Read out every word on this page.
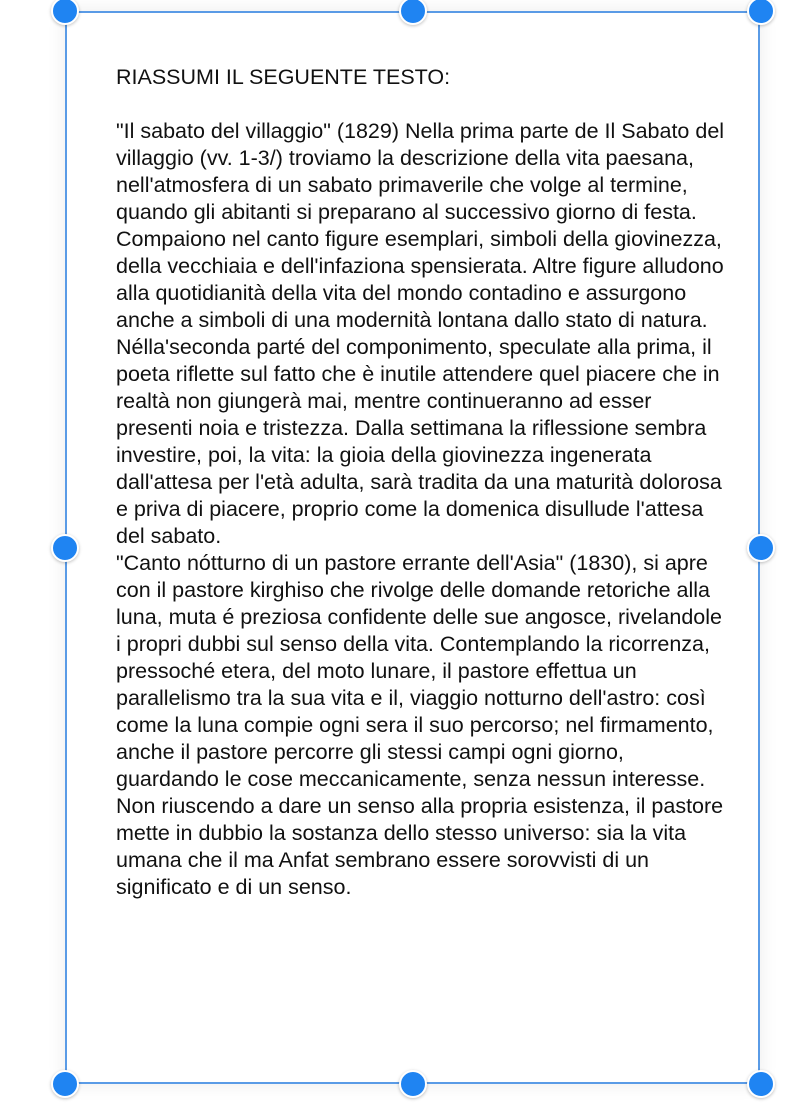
RIASSUMI IL SEGUENTE TESTO:

"Il sabato del villaggio" (1829) Nella prima parte de Il Sabato del villaggio (vv. 1-3/) troviamo la descrizione della vita paesana, nell'atmosfera di un sabato primaverile che volge al termine, quando gli abitanti si preparano al successivo giorno di festa. Compaiono nel canto figure esemplari, simboli della giovinezza, della vecchiaia e dell'infaziona spensierata. Altre figure alludono alla quotidianità della vita del mondo contadino e assurgono anche a simboli di una modernità lontana dallo stato di natura. Nélla'seconda parté del componimento, speculate alla prima, il poeta riflette sul fatto che è inutile attendere quel piacere che in realtà non giungerà mai, mentre continueranno ad esser presenti noia e tristezza. Dalla settimana la riflessione sembra investire, poi, la vita: la gioia della giovinezza ingenerata dall'attesa per l'età adulta, sarà tradita da una maturità dolorosa e priva di piacere, proprio come la domenica disullude l'attesa del sabato.

"Canto nótturno di un pastore errante dell'Asia" (1830), si apre con il pastore kirghiso che rivolge delle domande retoriche alla luna, muta é preziosa confidente delle sue angosce, rivelandole i propri dubbi sul senso della vita. Contemplando la ricorrenza, pressoché etera, del moto lunare, il pastore effettua un parallelismo tra la sua vita e il, viaggio notturno dell'astro: così come la luna compie ogni sera il suo percorso; nel firmamento, anche il pastore percorre gli stessi campi ogni giorno, guardando le cose meccanicamente, senza nessun interesse. Non riuscendo a dare un senso alla propria esistenza, il pastore mette in dubbio la sostanza dello stesso universo: sia la vita umana che il ma Anfat sembrano essere sorovvisti di un significato e di un senso.
